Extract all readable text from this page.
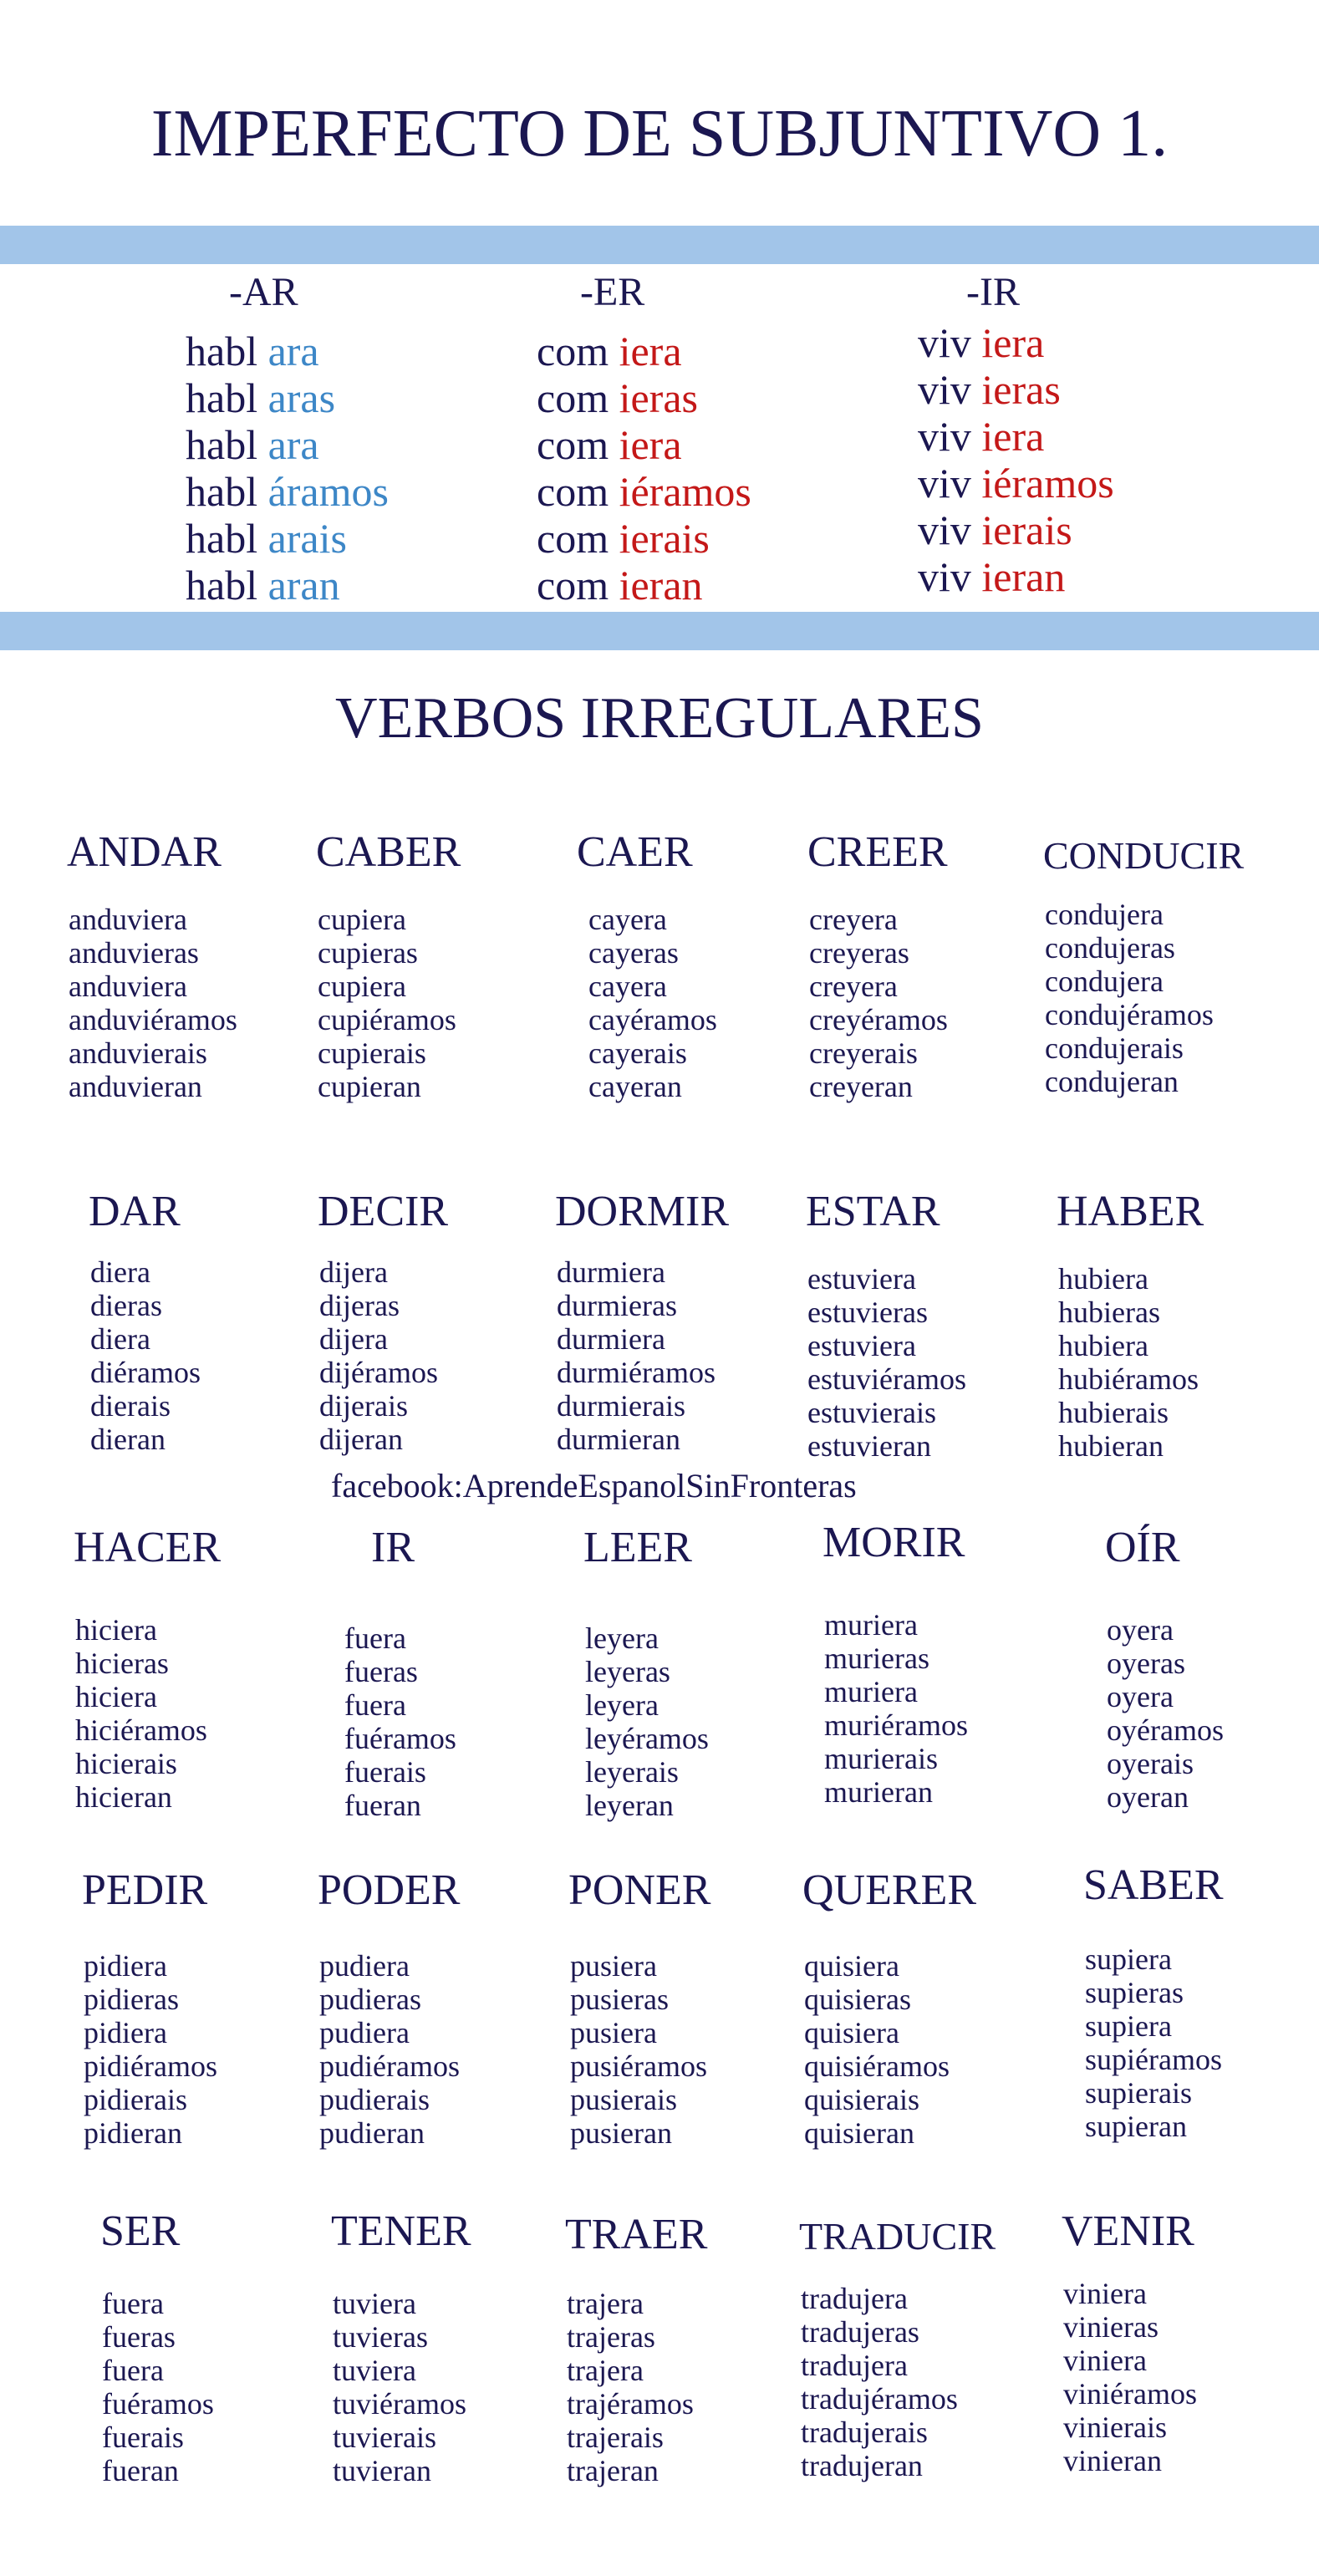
IMPERFECTO DE SUBJUNTIVO 1.
-AR
habl ara
habl aras
habl ara
habl áramos
habl arais
habl aran
-ER
com iera
com ieras
com iera
com iéramos
com ierais
com ieran
-IR
viv iera
viv ieras
viv iera
viv iéramos
viv ierais
viv ieran
VERBOS IRREGULARES
ANDAR
anduviera
anduvieras
anduviera
anduviéramos
anduvierais
anduvieran
CABER
cupiera
cupieras
cupiera
cupiéramos
cupierais
cupieran
CAER
cayera
cayeras
cayera
cayéramos
cayerais
cayeran
CREER
creyera
creyeras
creyera
creyéramos
creyerais
creyeran
CONDUCIR
condujera
condujeras
condujera
condujéramos
condujerais
condujeran
DAR
diera
dieras
diera
diéramos
dierais
dieran
DECIR
dijera
dijeras
dijera
dijéramos
dijerais
dijeran
DORMIR
durmiera
durmieras
durmiera
durmiéramos
durmierais
durmieran
ESTAR
estuviera
estuvieras
estuviera
estuviéramos
estuvierais
estuvieran
HABER
hubiera
hubieras
hubiera
hubiéramos
hubierais
hubieran
HACER
hiciera
hicieras
hiciera
hiciéramos
hicierais
hicieran
IR
fuera
fueras
fuera
fuéramos
fuerais
fueran
LEER
leyera
leyeras
leyera
leyéramos
leyerais
leyeran
MORIR
muriera
murieras
muriera
muriéramos
murierais
murieran
OÍR
oyera
oyeras
oyera
oyéramos
oyerais
oyeran
PEDIR
pidiera
pidieras
pidiera
pidiéramos
pidierais
pidieran
PODER
pudiera
pudieras
pudiera
pudiéramos
pudierais
pudieran
PONER
pusiera
pusieras
pusiera
pusiéramos
pusierais
pusieran
QUERER
quisiera
quisieras
quisiera
quisiéramos
quisierais
quisieran
SABER
supiera
supieras
supiera
supiéramos
supierais
supieran
SER
fuera
fueras
fuera
fuéramos
fuerais
fueran
TENER
tuviera
tuvieras
tuviera
tuviéramos
tuvierais
tuvieran
TRAER
trajera
trajeras
trajera
trajéramos
trajerais
trajeran
TRADUCIR
tradujera
tradujeras
tradujera
tradujéramos
tradujerais
tradujeran
VENIR
viniera
vinieras
viniera
viniéramos
vinierais
vinieran
facebook:AprendeEspanolSinFronteras
